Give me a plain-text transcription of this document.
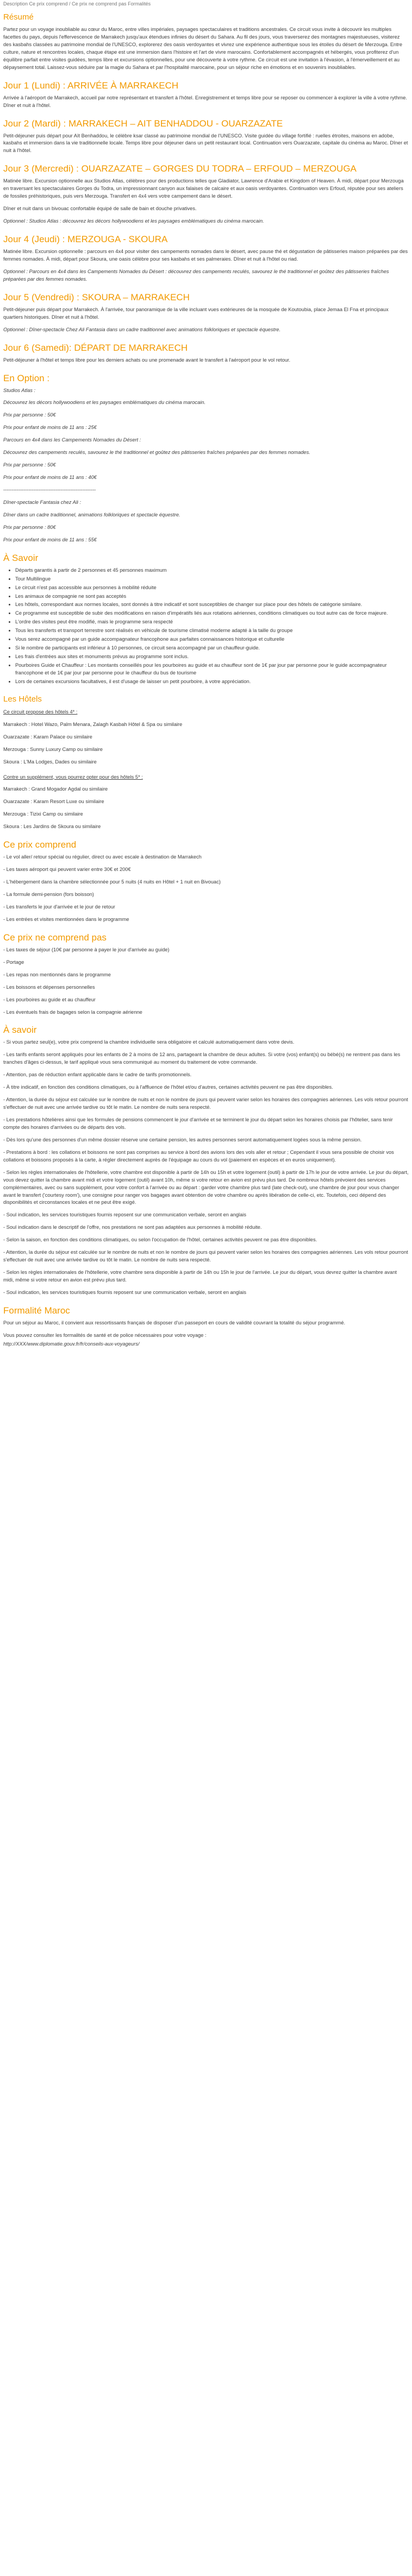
Description Ce prix comprend / Ce prix ne comprend pas Formalités
Résumé

Partez pour un voyage inoubliable au cœur du Maroc, entre villes impériales, paysages spectaculaires et traditions ancestrales. Ce circuit vous invite à découvrir les multiples facettes du pays, depuis l'effervescence de Marrakech jusqu'aux étendues infinies du désert du Sahara. Au fil des jours, vous traverserez des montagnes majestueuses, visiterez des kasbahs classées au patrimoine mondial de l'UNESCO, explorerez des oasis verdoyantes et vivrez une expérience authentique sous les étoiles du désert de Merzouga. Entre culture, nature et rencontres locales, chaque étape est une immersion dans l'histoire et l'art de vivre marocains. Confortablement accompagnés et hébergés, vous profiterez d'un équilibre parfait entre visites guidées, temps libre et excursions optionnelles, pour une découverte à votre rythme. Ce circuit est une invitation à l'évasion, à l'émerveillement et au dépaysement total. Laissez-vous séduire par la magie du Sahara et par l'hospitalité marocaine, pour un séjour riche en émotions et en souvenirs inoubliables.

Jour 1 (Lundi) : ARRIVÉE À MARRAKECH

Arrivée à l'aéroport de Marrakech, accueil par notre représentant et transfert à l'hôtel. Enregistrement et temps libre pour se reposer ou commencer à explorer la ville à votre rythme. Dîner et nuit à l'hôtel.

Jour 2 (Mardi) : MARRAKECH – AIT BENHADDOU - OUARZAZATE

Petit-déjeuner puis départ pour Aït Benhaddou, le célèbre ksar classé au patrimoine mondial de l'UNESCO. Visite guidée du village fortifié : ruelles étroites, maisons en adobe, kasbahs et immersion dans la vie traditionnelle locale. Temps libre pour déjeuner dans un petit restaurant local. Continuation vers Ouarzazate, capitale du cinéma au Maroc. Dîner et nuit à l'hôtel.

Jour 3 (Mercredi) : OUARZAZATE – GORGES DU TODRA – ERFOUD – MERZOUGA

Matinée libre. Excursion optionnelle aux Studios Atlas, célèbres pour des productions telles que Gladiator, Lawrence d'Arabie et Kingdom of Heaven. À midi, départ pour Merzouga en traversant les spectaculaires Gorges du Todra, un impressionnant canyon aux falaises de calcaire et aux oasis verdoyantes. Continuation vers Erfoud, réputée pour ses ateliers de fossiles préhistoriques, puis vers Merzouga. Transfert en 4x4 vers votre campement dans le désert.

Dîner et nuit dans un bivouac confortable équipé de salle de bain et douche privatives.

Optionnel : Studios Atlas : découvrez les décors hollywoodiens et les paysages emblématiques du cinéma marocain.

Jour 4 (Jeudi) : MERZOUGA - SKOURA

Matinée libre. Excursion optionnelle : parcours en 4x4 pour visiter des campements nomades dans le désert, avec pause thé et dégustation de pâtisseries maison préparées par des femmes nomades. À midi, départ pour Skoura, une oasis célèbre pour ses kasbahs et ses palmeraies. Dîner et nuit à l'hôtel ou riad.

Optionnel : Parcours en 4x4 dans les Campements Nomades du Désert : découvrez des campements reculés, savourez le thé traditionnel et goûtez des pâtisseries fraîches préparées par des femmes nomades.

Jour 5 (Vendredi) : SKOURA – MARRAKECH

Petit-déjeuner puis départ pour Marrakech. À l'arrivée, tour panoramique de la ville incluant vues extérieures de la mosquée de Koutoubia, place Jemaa El Fna et principaux quartiers historiques. Dîner et nuit à l'hôtel.

Optionnel : Dîner-spectacle Chez Ali Fantasia dans un cadre traditionnel avec animations folkloriques et spectacle équestre.

Jour 6 (Samedi): DÉPART DE MARRAKECH

Petit-déjeuner à l'hôtel et temps libre pour les derniers achats ou une promenade avant le transfert à l'aéroport pour le vol retour.

En Option :

Studios Atlas :

Découvrez les décors hollywoodiens et les paysages emblématiques du cinéma marocain.

Prix par personne : 50€

Prix pour enfant de moins de 11 ans : 25€

Parcours en 4x4 dans les Campements Nomades du Désert :

Découvrez des campements reculés, savourez le thé traditionnel et goûtez des pâtisseries fraîches préparées par des femmes nomades.

Prix par personne : 50€

Prix pour enfant de moins de 11 ans : 40€

-------------------------------------------------------

Dîner-spectacle Fantasia chez Ali :

Dîner dans un cadre traditionnel, animations folkloriques et spectacle équestre.

Prix par personne : 80€

Prix pour enfant de moins de 11 ans : 55€

À Savoir
• Départs garantis à partir de 2 personnes et 45 personnes maximum
• Tour Multilingue
• Le circuit n'est pas accessible aux personnes à mobilité réduite
• Les animaux de compagnie ne sont pas acceptés
• Les hôtels, correspondant aux normes locales, sont donnés à titre indicatif et sont susceptibles de changer sur place pour des hôtels de catégorie similaire.
• Ce programme est susceptible de subir des modifications en raison d'impératifs liés aux rotations aériennes, conditions climatiques ou tout autre cas de force majeure.
• L'ordre des visites peut être modifié, mais le programme sera respecté
• Tous les transferts et transport terrestre sont réalisés en véhicule de tourisme climatisé moderne adapté à la taille du groupe
• Vous serez accompagné par un guide accompagnateur francophone aux parfaites connaissances historique et culturelle
• Si le nombre de participants est inférieur à 10 personnes, ce circuit sera accompagné par un chauffeur-guide.
• Les frais d'entrées aux sites et monuments prévus au programme sont inclus.
• Pourboires Guide et Chauffeur : Les montants conseillés pour les pourboires au guide et au chauffeur sont de 1€ par jour par personne pour le guide accompagnateur francophone et de 1€ par jour par personne pour le chauffeur du bus de tourisme
• Lors de certaines excursions facultatives, il est d'usage de laisser un petit pourboire, à votre appréciation.
Les Hôtels

Ce circuit propose des hôtels 4* :

Marrakech : Hotel Wazo, Palm Menara, Zalagh Kasbah Hôtel & Spa ou similaire

Ouarzazate : Karam Palace ou similaire

Merzouga : Sunny Luxury Camp ou similaire

Skoura : L'Ma Lodges, Dades ou similaire

Contre un supplément, vous pourrez opter pour des hôtels 5* :

Marrakech : Grand Mogador Agdal ou similaire

Ouarzazate : Karam Resort Luxe ou similaire

Merzouga : Tizixi Camp ou similaire

Skoura : Les Jardins de Skoura ou similaire

Ce prix comprend

- Le vol aller/ retour spécial ou régulier, direct ou avec escale à destination de Marrakech

- Les taxes aéroport qui peuvent varier entre 30€ et 200€

- L'hébergement dans la chambre sélectionnée pour 5 nuits (4 nuits en Hôtel + 1 nuit en Bivouac)

- La formule demi-pension (fors boisson)

- Les transferts le jour d'arrivée et le jour de retour

- Les entrées et visites mentionnées dans le programme

Ce prix ne comprend pas

- Les taxes de séjour (10€ par personne à payer le jour d'arrivée au guide)

- Portage

- Les repas non mentionnés dans le programme

- Les boissons et dépenses personnelles

- Les pourboires au guide et au chauffeur

- Les éventuels frais de bagages selon la compagnie aérienne

À savoir

- Si vous partez seul(e), votre prix comprend la chambre individuelle sera obligatoire et calculé automatiquement dans votre devis.

- Les tarifs enfants seront appliqués pour les enfants de 2 à moins de 12 ans, partageant la chambre de deux adultes. Si votre (vos) enfant(s) ou bébé(s) ne rentrent pas dans les tranches d'âges ci-dessus, le tarif appliqué vous sera communiqué au moment du traitement de votre commande.

- Attention, pas de réduction enfant applicable dans le cadre de tarifs promotionnels.

- À titre indicatif, en fonction des conditions climatiques, ou à l'affluence de l'hôtel et/ou d'autres, certaines activités peuvent ne pas être disponibles.

- Attention, la durée du séjour est calculée sur le nombre de nuits et non le nombre de jours qui peuvent varier selon les horaires des compagnies aériennes. Les vols retour pourront s'effectuer de nuit avec une arrivée tardive ou tôt le matin. Le nombre de nuits sera respecté.

- Les prestations hôtelières ainsi que les formules de pensions commencent le jour d'arrivée et se terminent le jour du départ selon les horaires choisis par l'hôtelier, sans tenir compte des horaires d'arrivées ou de départs des vols.

- Dès lors qu'une des personnes d'un même dossier réserve une certaine pension, les autres personnes seront automatiquement logées sous la même pension.

- Prestations à bord : les collations et boissons ne sont pas comprises au service à bord des avions lors des vols aller et retour ; Cependant il vous sera possible de choisir vos collations et boissons proposés à la carte, à régler directement auprès de l'équipage au cours du vol (paiement en espèces et en euros uniquement).

- Selon les règles internationales de l'hôtellerie, votre chambre est disponible à partir de 14h ou 15h et votre logement (outil) à partir de 17h le jour de votre arrivée. Le jour du départ, vous devez quitter la chambre avant midi et votre logement (outil) avant 10h, même si votre retour en avion est prévu plus tard. De nombreux hôtels prévoient des services complémentaires, avec ou sans supplément, pour votre confort à l'arrivée ou au départ : garder votre chambre plus tard (late check-out), une chambre de jour pour vous changer avant le transfert ('courtesy room'), une consigne pour ranger vos bagages avant obtention de votre chambre ou après libération de celle-ci, etc. Toutefois, ceci dépend des disponibilités et circonstances locales et ne peut être exigé.

- Soul indication, les services touristiques fournis reposent sur une communication verbale, seront en anglais

- Soul indication dans le descriptif de l'offre, nos prestations ne sont pas adaptées aux personnes à mobilité réduite.

- Selon la saison, en fonction des conditions climatiques, ou selon l'occupation de l'hôtel, certaines activités peuvent ne pas être disponibles.

- Attention, la durée du séjour est calculée sur le nombre de nuits et non le nombre de jours qui peuvent varier selon les horaires des compagnies aériennes. Les vols retour pourront s'effectuer de nuit avec une arrivée tardive ou tôt le matin. Le nombre de nuits sera respecté.

- Selon les règles internationales de l'hôtellerie, votre chambre sera disponible à partir de 14h ou 15h le jour de l'arrivée. Le jour du départ, vous devrez quitter la chambre avant midi, même si votre retour en avion est prévu plus tard.

- Soul indication, les services touristiques fournis reposent sur une communication verbale, seront en anglais

Formalité Maroc

Pour un séjour au Maroc, il convient aux ressortissants français de disposer d'un passeport en cours de validité couvrant la totalité du séjour programmé.

Vous pouvez consulter les formalités de santé et de police nécessaires pour votre voyage :

http://XXX/www.diplomatie.gouv.fr/fr/conseils-aux-voyageurs/
